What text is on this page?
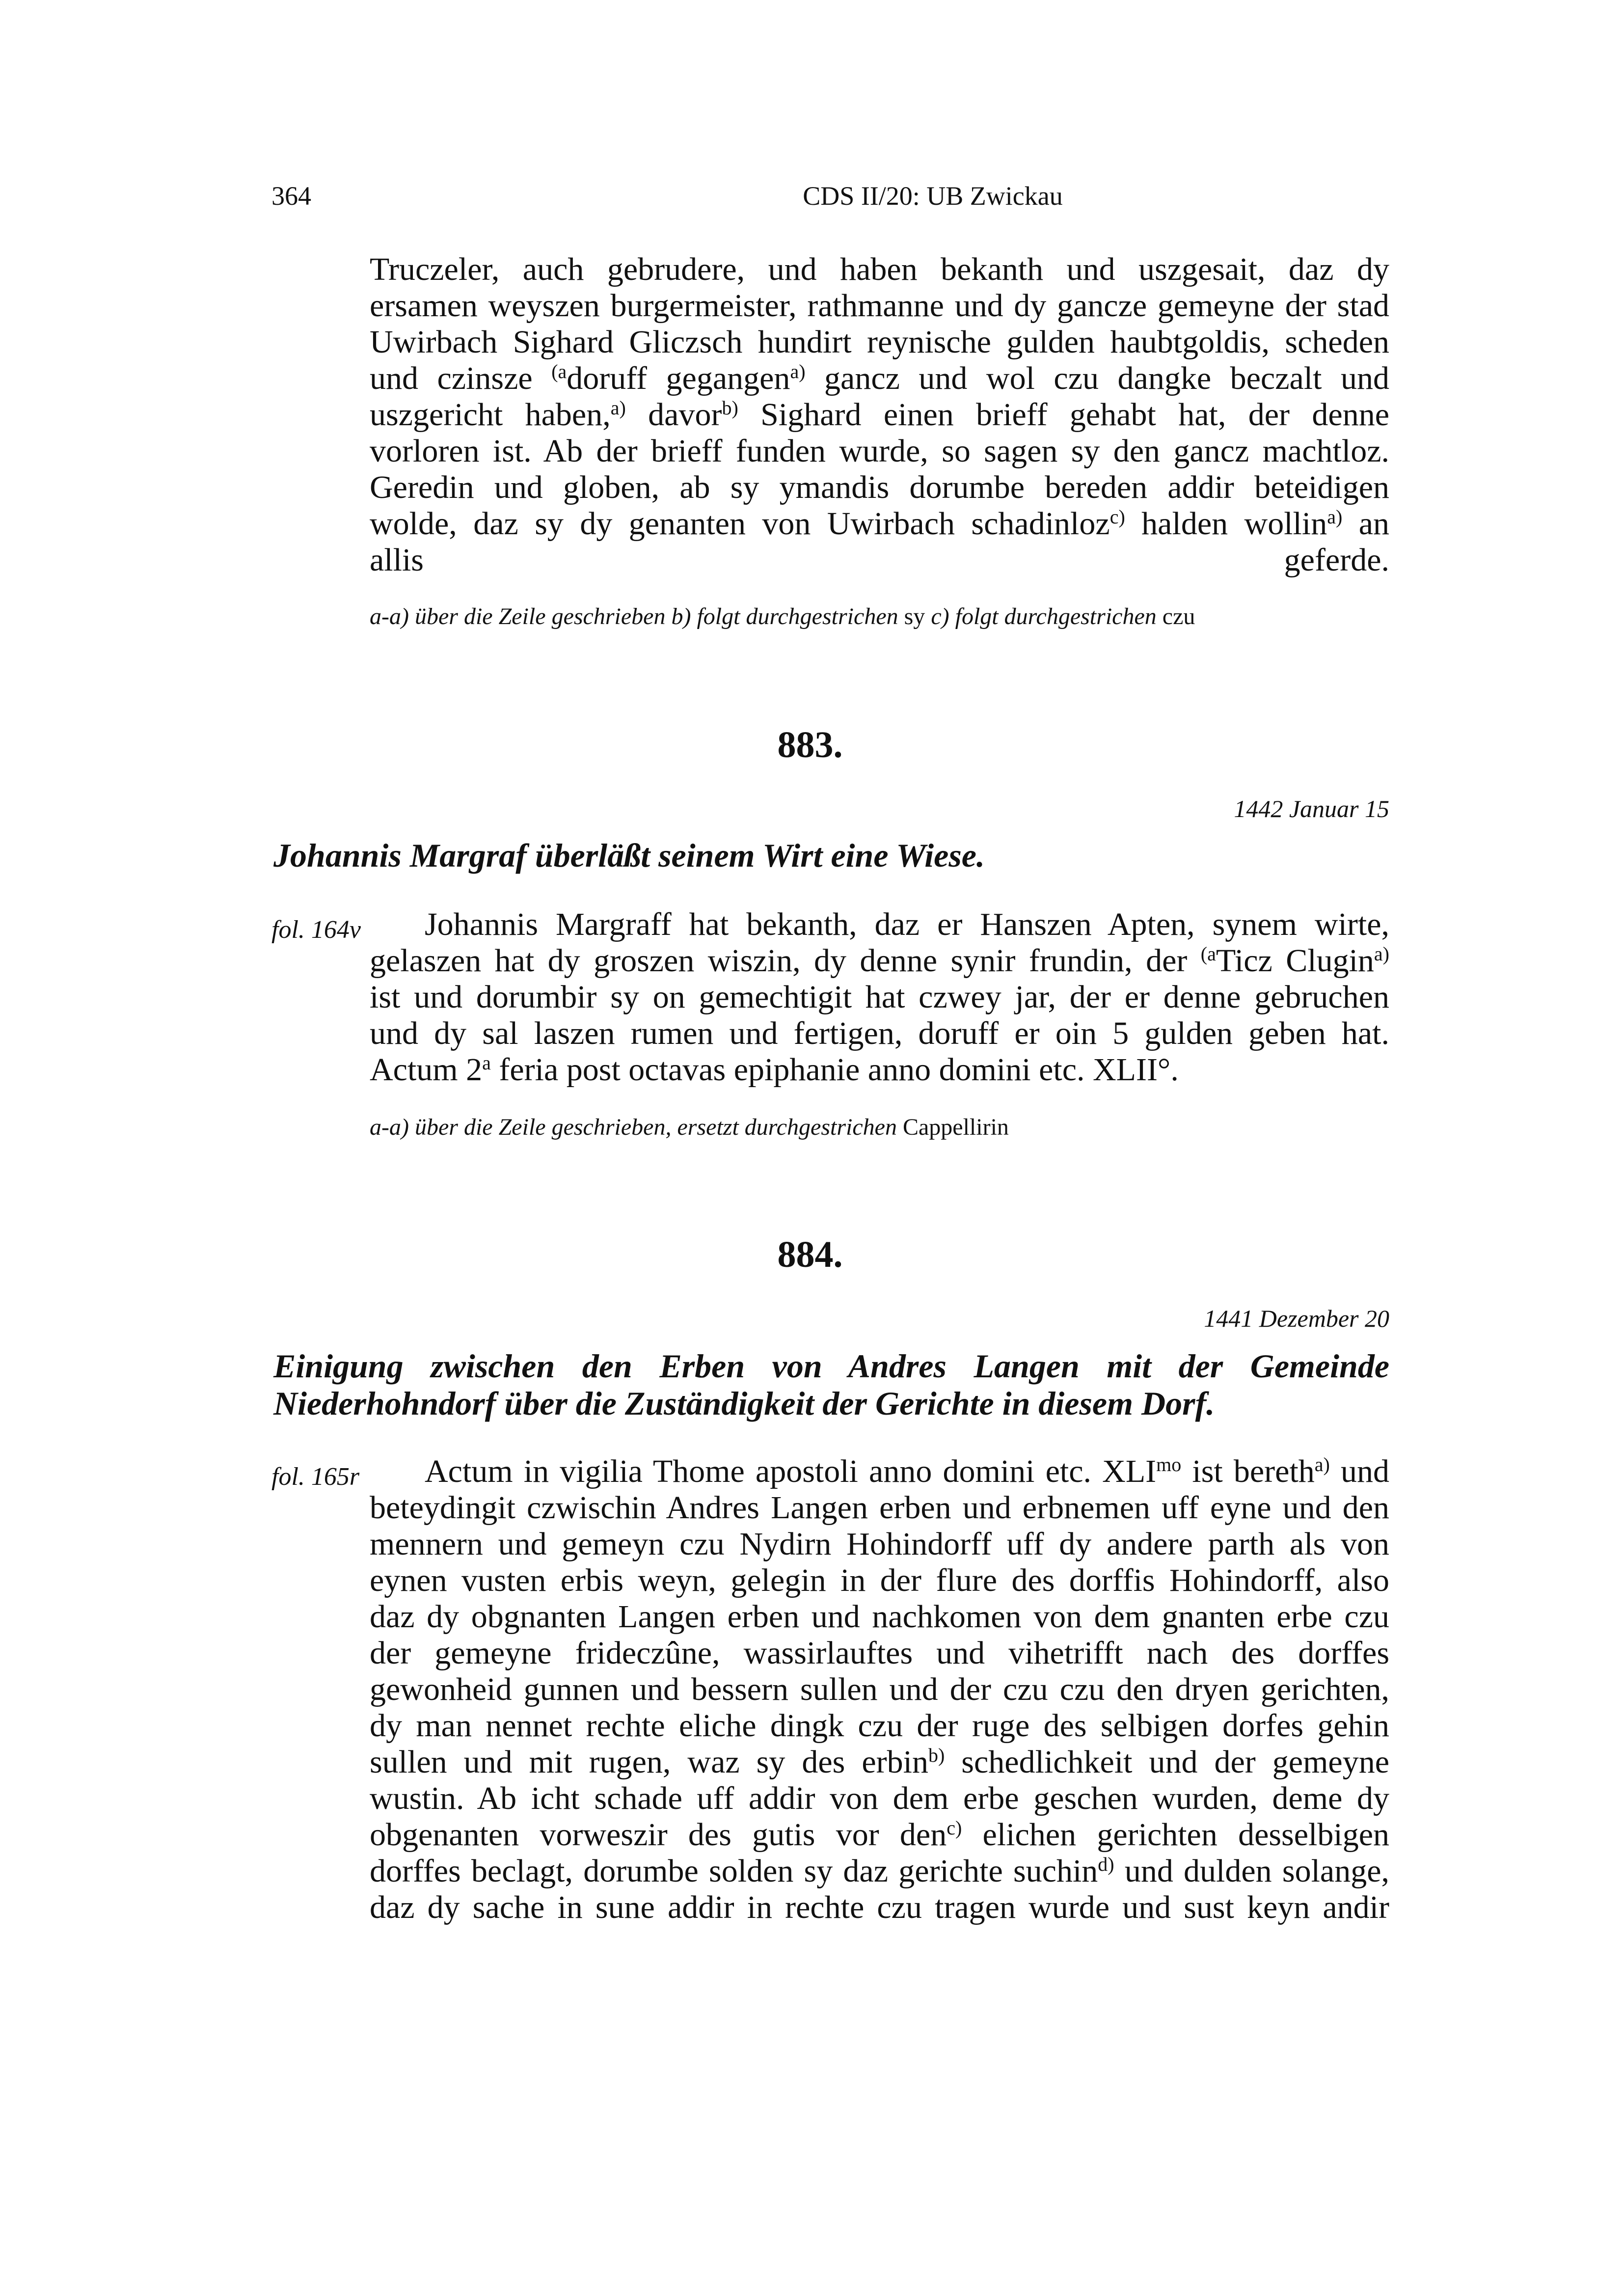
364	CDS II/20: UB Zwickau
Truczeler, auch gebrudere, und haben bekanth und uszgesait, daz dy
ersamen weyszen burgermeister, rathmanne und dy gancze gemeyne der stad
Uwirbach Sighard Gliczsch hundirt reynische gulden haubtgoldis, scheden
und czinsze $^{(a}$doruff gegangen$^{a)}$ gancz und wol czu dangke beczalt und
uszgericht haben,$^{a)}$ davor$^{b)}$ Sighard einen brieff gehabt hat, der denne
vorloren ist. Ab der brieff funden wurde, so sagen sy den gancz machtloz.
Geredin und globen, ab sy ymandis dorumbe bereden addir beteidigen
wolde, daz sy dy genanten von Uwirbach schadinloz$^{c)}$ halden wollin$^{a)}$ an
allis geferde.
a-a) über die Zeile geschrieben b) folgt durchgestrichen sy c) folgt durchgestrichen czu
883.
1442 Januar 15
Johannis Margraf überläßt seinem Wirt eine Wiese.
fol. 164v	Johannis Margraff hat bekanth, daz er Hanszen Apten, synem wirte,
gelaszen hat dy groszen wiszin, dy denne synir frundin, der $^{(a}$Ticz Clugin$^{a)}$
ist und dorumbir sy on gemechtigit hat czwey jar, der er denne gebruchen
und dy sal laszen rumen und fertigen, doruff er oin 5 gulden geben hat.
Actum 2$^a$ feria post octavas epiphanie anno domini etc. XLII°.
a-a) über die Zeile geschrieben, ersetzt durchgestrichen Cappellirin
884.
1441 Dezember 20
Einigung zwischen den Erben von Andres Langen mit der Gemeinde
Niederhohndorf über die Zuständigkeit der Gerichte in diesem Dorf.
fol. 165r	Actum in vigilia Thome apostoli anno domini etc. $XLI^{mo}$ ist bereth$^{a)}$ und
beteydingit czwischin Andres Langen erben und erbnemen uff eyne und den
mennern und gemeyn czu Nydirn Hohindorff uff dy andere parth als von
eynen vusten erbis weyn, gelegin in der flure des dorffis Hohindorff, also
daz dy obgnanten Langen erben und nachkomen von dem gnanten erbe czu
der gemeyne frideczûne, wassirlauftes und vihetrifft nach des dorffes
gewonheid gunnen und bessern sullen und der czu czu den dryen gerichten,
dy man nennet rechte eliche dingk czu der ruge des selbigen dorfes gehin
sullen und mit rugen, waz sy des erbin$^{b)}$ schedlichkeit und der gemeyne
wustin. Ab icht schade uff addir von dem erbe geschen wurden, deme dy
obgenanten vorweszir des gutis vor den$^{c)}$ elichen gerichten desselbigen
dorffes beclagt, dorumbe solden sy daz gerichte suchin$^{d)}$ und dulden solange,
daz dy sache in sune addir in rechte czu tragen wurde und sust keyn andir
